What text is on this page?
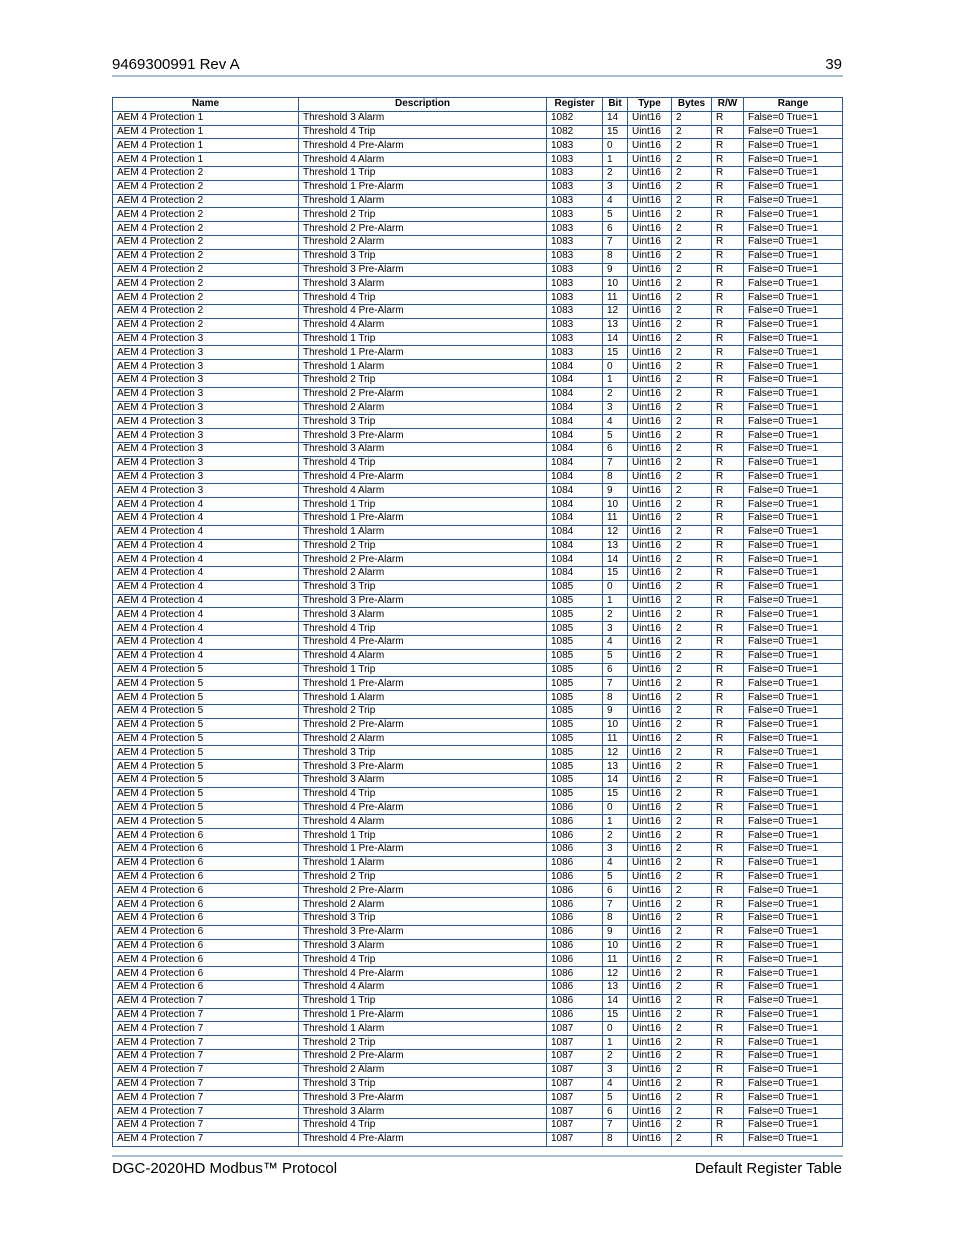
9469300991 Rev A	39
Name	Description	Register	Bit	Type	Bytes	R/W	Range
AEM 4 Protection 1	Threshold 3 Alarm	1082	14	Uint16	2	R	False=0 True=1
AEM 4 Protection 1	Threshold 4 Trip	1082	15	Uint16	2	R	False=0 True=1
AEM 4 Protection 1	Threshold 4 Pre-Alarm	1083	0	Uint16	2	R	False=0 True=1
AEM 4 Protection 1	Threshold 4 Alarm	1083	1	Uint16	2	R	False=0 True=1
AEM 4 Protection 2	Threshold 1 Trip	1083	2	Uint16	2	R	False=0 True=1
AEM 4 Protection 2	Threshold 1 Pre-Alarm	1083	3	Uint16	2	R	False=0 True=1
AEM 4 Protection 2	Threshold 1 Alarm	1083	4	Uint16	2	R	False=0 True=1
AEM 4 Protection 2	Threshold 2 Trip	1083	5	Uint16	2	R	False=0 True=1
AEM 4 Protection 2	Threshold 2 Pre-Alarm	1083	6	Uint16	2	R	False=0 True=1
AEM 4 Protection 2	Threshold 2 Alarm	1083	7	Uint16	2	R	False=0 True=1
AEM 4 Protection 2	Threshold 3 Trip	1083	8	Uint16	2	R	False=0 True=1
AEM 4 Protection 2	Threshold 3 Pre-Alarm	1083	9	Uint16	2	R	False=0 True=1
AEM 4 Protection 2	Threshold 3 Alarm	1083	10	Uint16	2	R	False=0 True=1
AEM 4 Protection 2	Threshold 4 Trip	1083	11	Uint16	2	R	False=0 True=1
AEM 4 Protection 2	Threshold 4 Pre-Alarm	1083	12	Uint16	2	R	False=0 True=1
AEM 4 Protection 2	Threshold 4 Alarm	1083	13	Uint16	2	R	False=0 True=1
AEM 4 Protection 3	Threshold 1 Trip	1083	14	Uint16	2	R	False=0 True=1
AEM 4 Protection 3	Threshold 1 Pre-Alarm	1083	15	Uint16	2	R	False=0 True=1
AEM 4 Protection 3	Threshold 1 Alarm	1084	0	Uint16	2	R	False=0 True=1
AEM 4 Protection 3	Threshold 2 Trip	1084	1	Uint16	2	R	False=0 True=1
AEM 4 Protection 3	Threshold 2 Pre-Alarm	1084	2	Uint16	2	R	False=0 True=1
AEM 4 Protection 3	Threshold 2 Alarm	1084	3	Uint16	2	R	False=0 True=1
AEM 4 Protection 3	Threshold 3 Trip	1084	4	Uint16	2	R	False=0 True=1
AEM 4 Protection 3	Threshold 3 Pre-Alarm	1084	5	Uint16	2	R	False=0 True=1
AEM 4 Protection 3	Threshold 3 Alarm	1084	6	Uint16	2	R	False=0 True=1
AEM 4 Protection 3	Threshold 4 Trip	1084	7	Uint16	2	R	False=0 True=1
AEM 4 Protection 3	Threshold 4 Pre-Alarm	1084	8	Uint16	2	R	False=0 True=1
AEM 4 Protection 3	Threshold 4 Alarm	1084	9	Uint16	2	R	False=0 True=1
AEM 4 Protection 4	Threshold 1 Trip	1084	10	Uint16	2	R	False=0 True=1
AEM 4 Protection 4	Threshold 1 Pre-Alarm	1084	11	Uint16	2	R	False=0 True=1
AEM 4 Protection 4	Threshold 1 Alarm	1084	12	Uint16	2	R	False=0 True=1
AEM 4 Protection 4	Threshold 2 Trip	1084	13	Uint16	2	R	False=0 True=1
AEM 4 Protection 4	Threshold 2 Pre-Alarm	1084	14	Uint16	2	R	False=0 True=1
AEM 4 Protection 4	Threshold 2 Alarm	1084	15	Uint16	2	R	False=0 True=1
AEM 4 Protection 4	Threshold 3 Trip	1085	0	Uint16	2	R	False=0 True=1
AEM 4 Protection 4	Threshold 3 Pre-Alarm	1085	1	Uint16	2	R	False=0 True=1
AEM 4 Protection 4	Threshold 3 Alarm	1085	2	Uint16	2	R	False=0 True=1
AEM 4 Protection 4	Threshold 4 Trip	1085	3	Uint16	2	R	False=0 True=1
AEM 4 Protection 4	Threshold 4 Pre-Alarm	1085	4	Uint16	2	R	False=0 True=1
AEM 4 Protection 4	Threshold 4 Alarm	1085	5	Uint16	2	R	False=0 True=1
AEM 4 Protection 5	Threshold 1 Trip	1085	6	Uint16	2	R	False=0 True=1
AEM 4 Protection 5	Threshold 1 Pre-Alarm	1085	7	Uint16	2	R	False=0 True=1
AEM 4 Protection 5	Threshold 1 Alarm	1085	8	Uint16	2	R	False=0 True=1
AEM 4 Protection 5	Threshold 2 Trip	1085	9	Uint16	2	R	False=0 True=1
AEM 4 Protection 5	Threshold 2 Pre-Alarm	1085	10	Uint16	2	R	False=0 True=1
AEM 4 Protection 5	Threshold 2 Alarm	1085	11	Uint16	2	R	False=0 True=1
AEM 4 Protection 5	Threshold 3 Trip	1085	12	Uint16	2	R	False=0 True=1
AEM 4 Protection 5	Threshold 3 Pre-Alarm	1085	13	Uint16	2	R	False=0 True=1
AEM 4 Protection 5	Threshold 3 Alarm	1085	14	Uint16	2	R	False=0 True=1
AEM 4 Protection 5	Threshold 4 Trip	1085	15	Uint16	2	R	False=0 True=1
AEM 4 Protection 5	Threshold 4 Pre-Alarm	1086	0	Uint16	2	R	False=0 True=1
AEM 4 Protection 5	Threshold 4 Alarm	1086	1	Uint16	2	R	False=0 True=1
AEM 4 Protection 6	Threshold 1 Trip	1086	2	Uint16	2	R	False=0 True=1
AEM 4 Protection 6	Threshold 1 Pre-Alarm	1086	3	Uint16	2	R	False=0 True=1
AEM 4 Protection 6	Threshold 1 Alarm	1086	4	Uint16	2	R	False=0 True=1
AEM 4 Protection 6	Threshold 2 Trip	1086	5	Uint16	2	R	False=0 True=1
AEM 4 Protection 6	Threshold 2 Pre-Alarm	1086	6	Uint16	2	R	False=0 True=1
AEM 4 Protection 6	Threshold 2 Alarm	1086	7	Uint16	2	R	False=0 True=1
AEM 4 Protection 6	Threshold 3 Trip	1086	8	Uint16	2	R	False=0 True=1
AEM 4 Protection 6	Threshold 3 Pre-Alarm	1086	9	Uint16	2	R	False=0 True=1
AEM 4 Protection 6	Threshold 3 Alarm	1086	10	Uint16	2	R	False=0 True=1
AEM 4 Protection 6	Threshold 4 Trip	1086	11	Uint16	2	R	False=0 True=1
AEM 4 Protection 6	Threshold 4 Pre-Alarm	1086	12	Uint16	2	R	False=0 True=1
AEM 4 Protection 6	Threshold 4 Alarm	1086	13	Uint16	2	R	False=0 True=1
AEM 4 Protection 7	Threshold 1 Trip	1086	14	Uint16	2	R	False=0 True=1
AEM 4 Protection 7	Threshold 1 Pre-Alarm	1086	15	Uint16	2	R	False=0 True=1
AEM 4 Protection 7	Threshold 1 Alarm	1087	0	Uint16	2	R	False=0 True=1
AEM 4 Protection 7	Threshold 2 Trip	1087	1	Uint16	2	R	False=0 True=1
AEM 4 Protection 7	Threshold 2 Pre-Alarm	1087	2	Uint16	2	R	False=0 True=1
AEM 4 Protection 7	Threshold 2 Alarm	1087	3	Uint16	2	R	False=0 True=1
AEM 4 Protection 7	Threshold 3 Trip	1087	4	Uint16	2	R	False=0 True=1
AEM 4 Protection 7	Threshold 3 Pre-Alarm	1087	5	Uint16	2	R	False=0 True=1
AEM 4 Protection 7	Threshold 3 Alarm	1087	6	Uint16	2	R	False=0 True=1
AEM 4 Protection 7	Threshold 4 Trip	1087	7	Uint16	2	R	False=0 True=1
AEM 4 Protection 7	Threshold 4 Pre-Alarm	1087	8	Uint16	2	R	False=0 True=1
DGC-2020HD Modbus™ Protocol	Default Register Table
